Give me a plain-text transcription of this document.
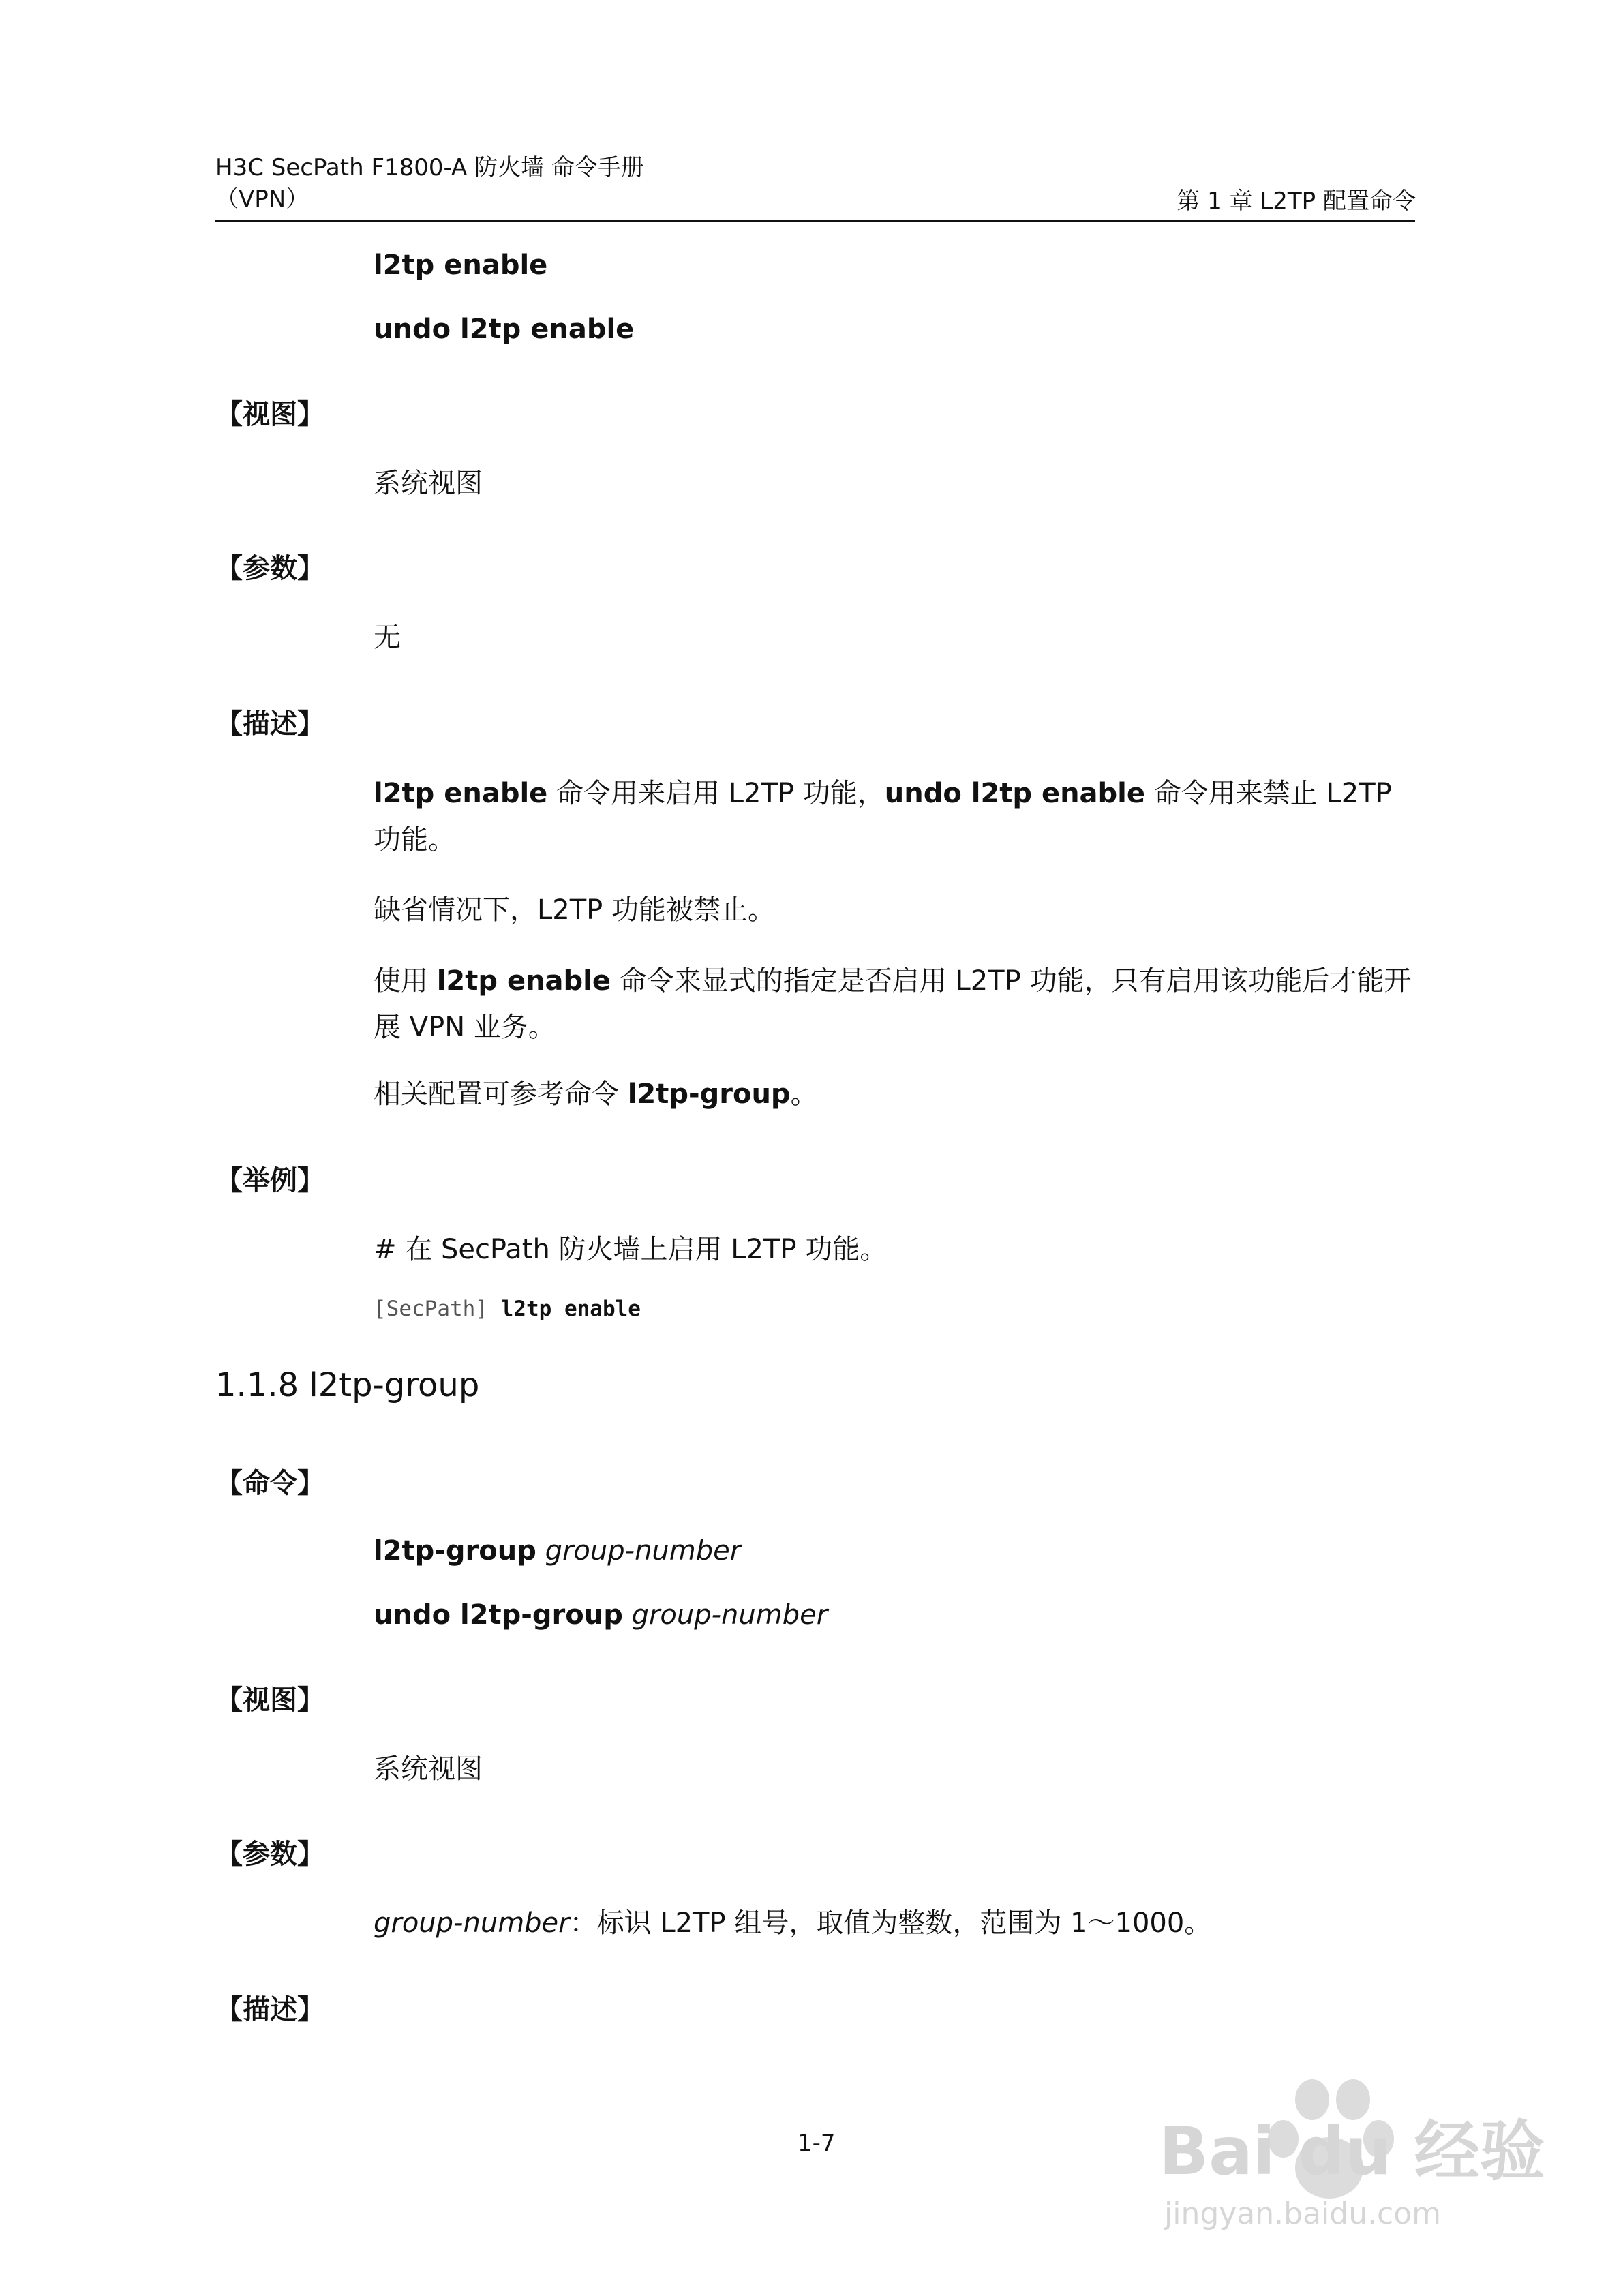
H3C SecPath F1800-A 防火墙 命令手册
（VPN）	第 1 章 L2TP 配置命令
l2tp enable
undo l2tp enable
【视图】
系统视图
【参数】
无
【描述】
l2tp enable 命令用来启用 L2TP 功能，undo l2tp enable 命令用来禁止 L2TP 功能。
缺省情况下，L2TP 功能被禁止。
使用 l2tp enable 命令来显式的指定是否启用 L2TP 功能，只有启用该功能后才能开展 VPN 业务。
相关配置可参考命令 l2tp-group。
【举例】
# 在 SecPath 防火墙上启用 L2TP 功能。
[SecPath] l2tp enable
1.1.8 l2tp-group
【命令】
l2tp-group group-number
undo l2tp-group group-number
【视图】
系统视图
【参数】
group-number：标识 L2TP 组号，取值为整数，范围为 1～1000。
【描述】
1-7	Bai du 经验
jingyan.baidu.com
